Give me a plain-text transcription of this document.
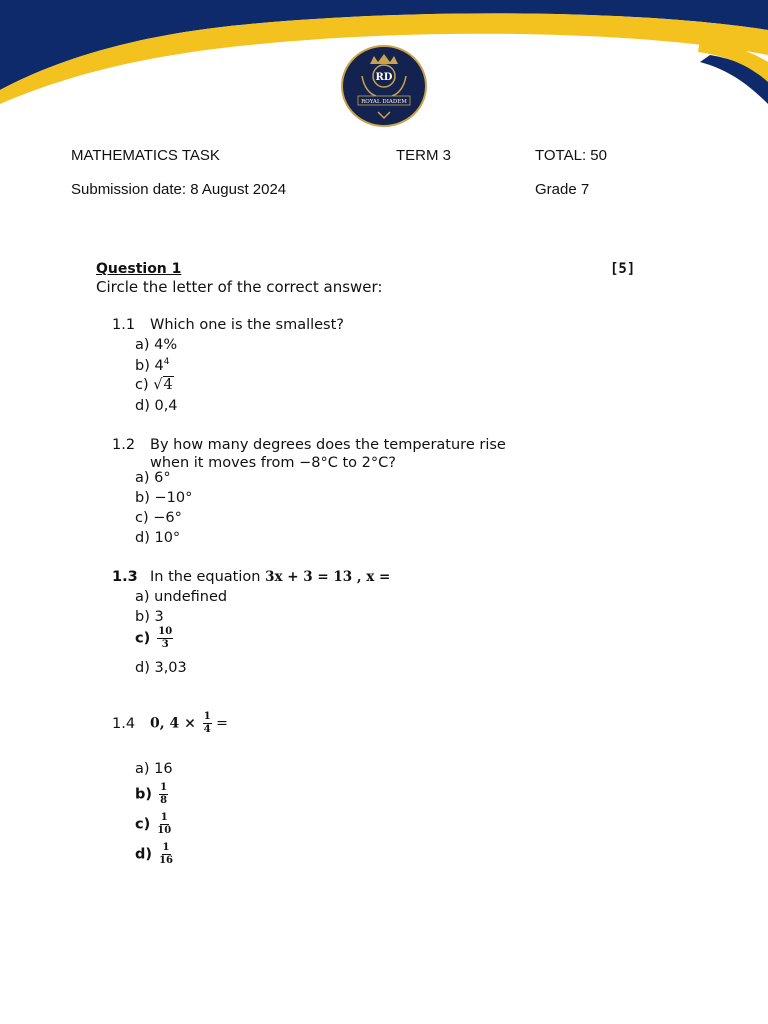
RD
ROYAL DIADEM
MATHEMATICS TASK	TERM 3	TOTAL: 50
Submission date: 8 August 2024	Grade 7
Question 1	[5]
Circle the letter of the correct answer:
1.1 Which one is the smallest?
a) 4%
b) $4^4$
c) √4
d) 0,4
1.2 By how many degrees does the temperature rise
when it moves from −8°C to 2°C?
a) 6°
b) −10°
c) −6°
d) 10°
1.3 In the equation 3x + 3 = 13 , x =
a) undefined
b) 3
$c) \frac{10}{3}$
d) 3,03
1.4 0, $4 \times \frac{1}{4}$ =
a) 16
$b) \frac{1}{8}$
$c) \frac{1}{10}$
$d) \frac{1}{16}$
